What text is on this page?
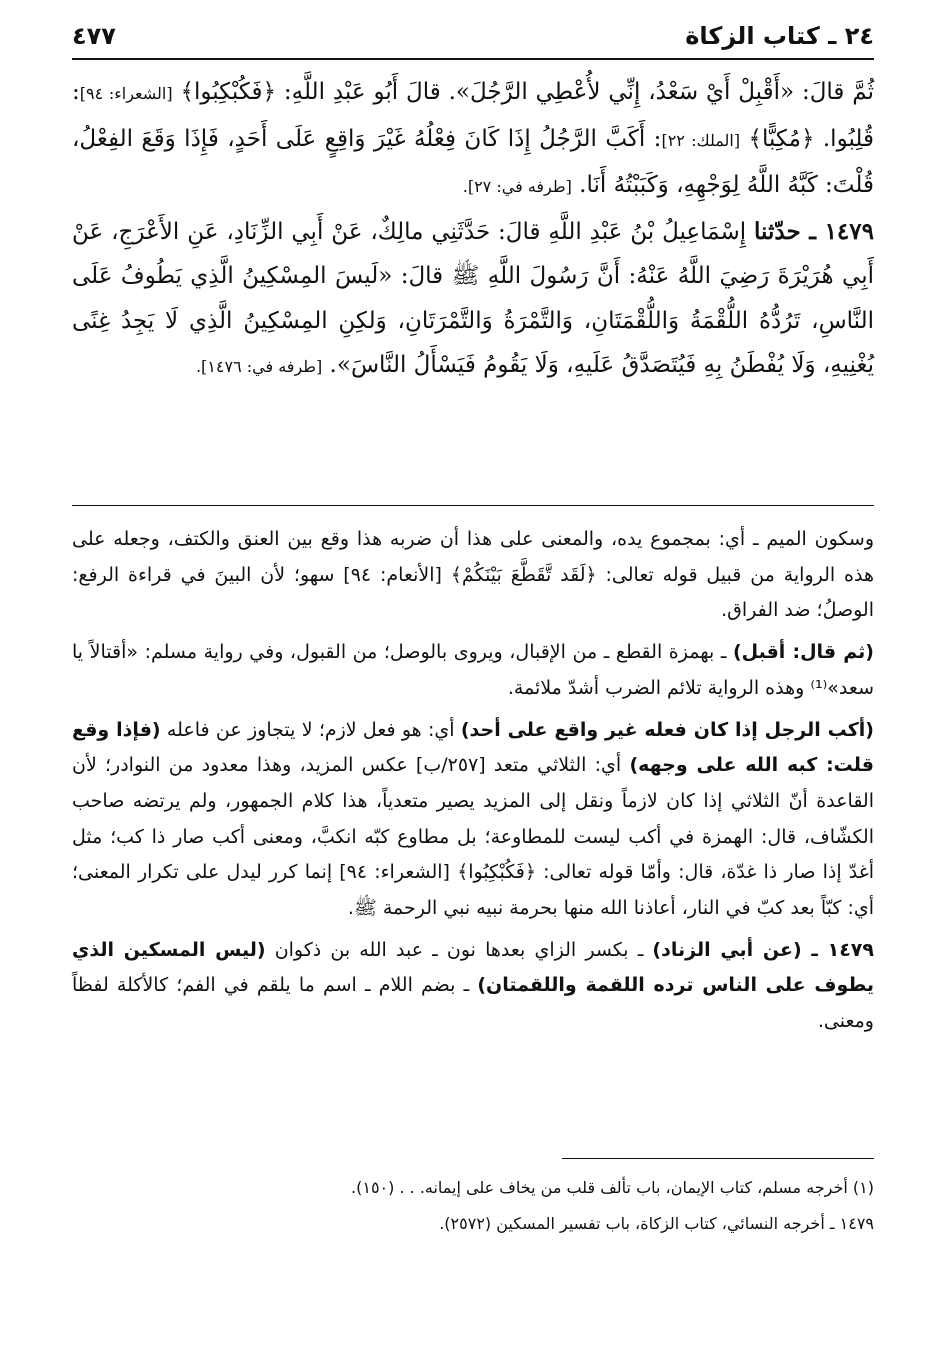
٤٧٧	٢٤ ـ كتاب الزكاة

ثُمَّ قالَ: «أَقْبِلْ أَيْ سَعْدُ، إِنِّي لأُعْطِي الرَّجُلَ». قالَ أَبُو عَبْدِ اللَّهِ: ﴿فَكُبْكِبُوا﴾ [الشعراء: ٩٤]: قُلِبُوا. ﴿مُكِبًّا﴾ [الملك: ٢٢]: أَكَبَّ الرَّجُلُ إِذَا كَانَ فِعْلُهُ غَيْرَ وَاقِعٍ عَلَى أَحَدٍ، فَإِذَا وَقَعَ الفِعْلُ، قُلْتَ: كَبَّهُ اللَّهُ لِوَجْهِهِ، وَكَبَبْتُهُ أَنَا. [طرفه في: ٢٧].

١٤٧٩ ـ حدّثنا إِسْمَاعِيلُ بْنُ عَبْدِ اللَّهِ قالَ: حَدَّثَنِي مالِكٌ، عَنْ أَبِي الزِّنَادِ، عَنِ الأَعْرَجِ، عَنْ أَبِي هُرَيْرَةَ رَضِيَ اللَّهُ عَنْهُ: أَنَّ رَسُولَ اللَّهِ ﷺ قالَ: «لَيسَ المِسْكِينُ الَّذِي يَطُوفُ عَلَى النَّاسِ، تَرُدُّهُ اللُّقْمَةُ وَاللُّقْمَتَانِ، وَالتَّمْرَةُ وَالتَّمْرَتَانِ، وَلكِنِ المِسْكِينُ الَّذِي لَا يَجِدُ غِنًى يُغْنِيهِ، وَلَا يُفْطَنُ بِهِ فَيُتَصَدَّقُ عَلَيهِ، وَلَا يَقُومُ فَيَسْأَلُ النَّاسَ». [طرفه في: ١٤٧٦].

وسكون الميم ـ أي: بمجموع يده، والمعنى على هذا أن ضربه هذا وقع بين العنق والكتف، وجعله على هذه الرواية من قبيل قوله تعالى: ﴿لَقَد تَّقَطَّعَ بَيْنَكُمْ﴾ [الأنعام: ٩٤] سهو؛ لأن البينَ في قراءة الرفع: الوصلُ؛ ضد الفراق.

(ثم قال: أقبل) ـ بهمزة القطع ـ من الإقبال، ويروى بالوصل؛ من القبول، وفي رواية مسلم: «أقتالاً يا سعد»⁽¹⁾ وهذه الرواية تلائم الضرب أشدّ ملائمة.

(أكب الرجل إذا كان فعله غير واقع على أحد) أي: هو فعل لازم؛ لا يتجاوز عن فاعله (فإذا وقع قلت: كبه الله على وجهه) أي: الثلاثي متعد [٢٥٧/ب] عكس المزيد، وهذا معدود من النوادر؛ لأن القاعدة أنّ الثلاثي إذا كان لازماً ونقل إلى المزيد يصير متعدياً، هذا كلام الجمهور، ولم يرتضه صاحب الكشّاف، قال: الهمزة في أكب ليست للمطاوعة؛ بل مطاوع كبّه انكبَّ، ومعنى أكب صار ذا كب؛ مثل أغدّ إذا صار ذا غدّة، قال: وأمّا قوله تعالى: ﴿فَكُبْكِبُوا﴾ [الشعراء: ٩٤] إنما كرر ليدل على تكرار المعنى؛ أي: كبّاً بعد كبّ في النار، أعاذنا الله منها بحرمة نبيه نبي الرحمة ﷺ.

١٤٧٩ ـ (عن أبي الزناد) ـ بكسر الزاي بعدها نون ـ عبد الله بن ذكوان (ليس المسكين الذي يطوف على الناس ترده اللقمة واللقمتان) ـ بضم اللام ـ اسم ما يلقم في الفم؛ كالأكلة لفظاً ومعنى.

(١) أخرجه مسلم، كتاب الإيمان، باب تألف قلب من يخاف على إيمانه. . . (١٥٠).

١٤٧٩ ـ أخرجه النسائي، كتاب الزكاة، باب تفسير المسكين (٢٥٧٢).
